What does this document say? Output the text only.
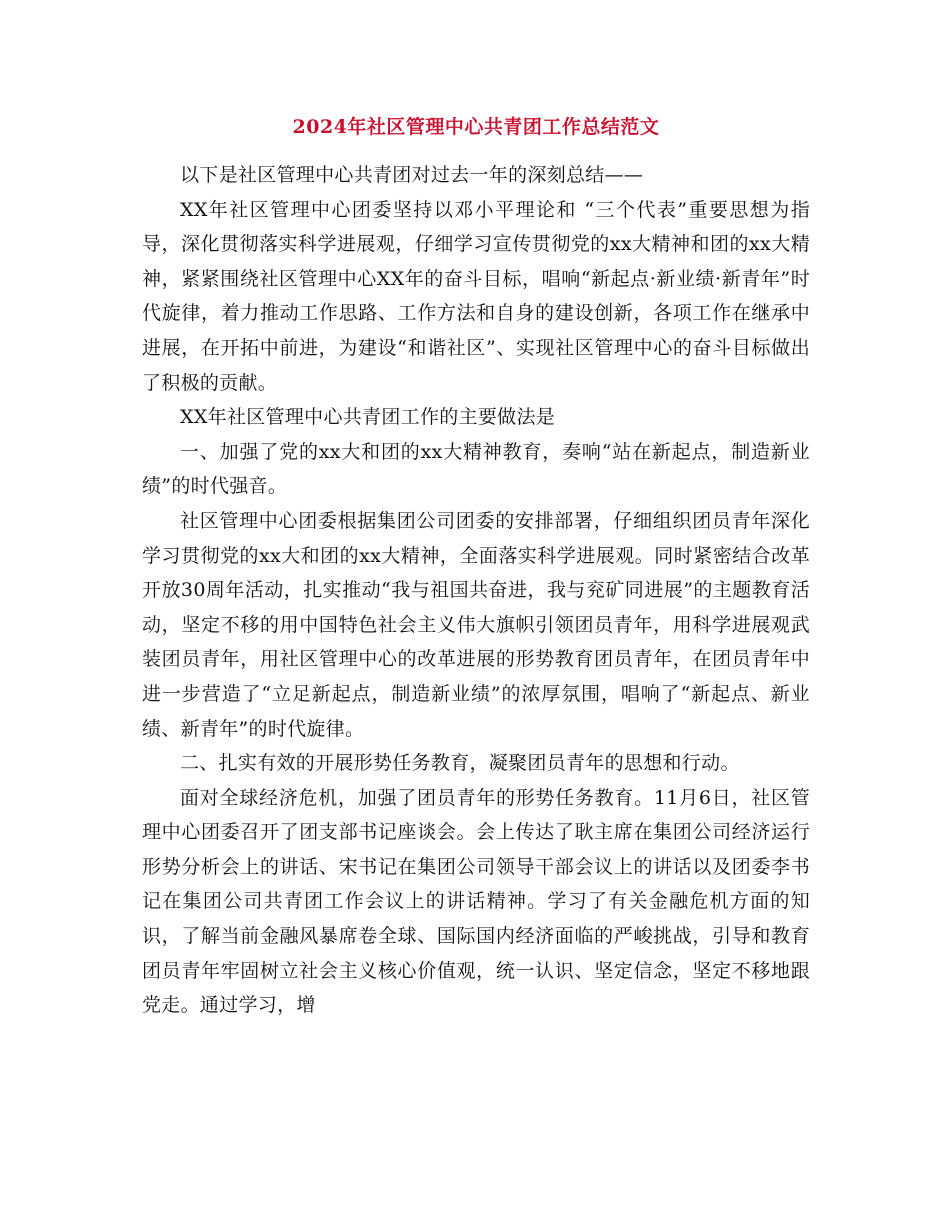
2024年社区管理中心共青团工作总结范文

以下是社区管理中心共青团对过去一年的深刻总结——

XX年社区管理中心团委坚持以邓小平理论和 “三个代表”重要思想为指导，深化贯彻落实科学进展观，仔细学习宣传贯彻党的xx大精神和团的xx大精神，紧紧围绕社区管理中心XX年的奋斗目标，唱响“新起点·新业绩·新青年”时代旋律，着力推动工作思路、工作方法和自身的建设创新，各项工作在继承中进展，在开拓中前进，为建设“和谐社区”、实现社区管理中心的奋斗目标做出了积极的贡献。

XX年社区管理中心共青团工作的主要做法是

一、加强了党的xx大和团的xx大精神教育，奏响“站在新起点，制造新业绩”的时代强音。

社区管理中心团委根据集团公司团委的安排部署，仔细组织团员青年深化学习贯彻党的xx大和团的xx大精神，全面落实科学进展观。同时紧密结合改革开放30周年活动，扎实推动“我与祖国共奋进，我与兖矿同进展”的主题教育活动，坚定不移的用中国特色社会主义伟大旗帜引领团员青年，用科学进展观武装团员青年，用社区管理中心的改革进展的形势教育团员青年，在团员青年中进一步营造了“立足新起点，制造新业绩”的浓厚氛围，唱响了“新起点、新业绩、新青年”的时代旋律。

二、扎实有效的开展形势任务教育，凝聚团员青年的思想和行动。

面对全球经济危机，加强了团员青年的形势任务教育。11月6日，社区管理中心团委召开了团支部书记座谈会。会上传达了耿主席在集团公司经济运行形势分析会上的讲话、宋书记在集团公司领导干部会议上的讲话以及团委李书记在集团公司共青团工作会议上的讲话精神。学习了有关金融危机方面的知识，了解当前金融风暴席卷全球、国际国内经济面临的严峻挑战，引导和教育团员青年牢固树立社会主义核心价值观，统一认识、坚定信念，坚定不移地跟党走。通过学习，增
